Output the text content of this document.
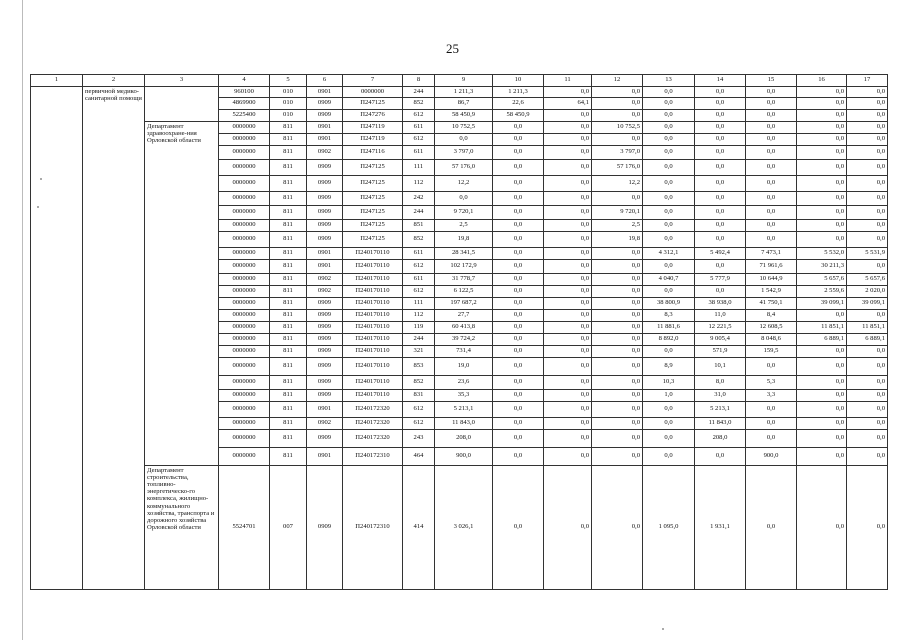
25
1	2	3	4	5	6	7	8	9	10	11	12	13	14	15	16	17
	первичной медико-санитарной помощи		960100	010	0901	0000000	244	1 211,3	1 211,3	0,0	0,0	0,0	0,0	0,0	0,0	0,0
			4869900	010	0909	П247125	852	86,7	22,6	64,1	0,0	0,0	0,0	0,0	0,0	0,0
			5225400	010	0909	П247276	612	58 450,9	58 450,9	0,0	0,0	0,0	0,0	0,0	0,0	0,0
		Департамент здравоохране-ния Орловской области	0000000	811	0901	П247119	611	10 752,5	0,0	0,0	10 752,5	0,0	0,0	0,0	0,0	0,0
			0000000	811	0901	П247119	612	0,0	0,0	0,0	0,0	0,0	0,0	0,0	0,0	0,0
			0000000	811	0902	П247116	611	3 797,0	0,0	0,0	3 797,0	0,0	0,0	0,0	0,0	0,0
			0000000	811	0909	П247125	111	57 176,0	0,0	0,0	57 176,0	0,0	0,0	0,0	0,0	0,0
			0000000	811	0909	П247125	112	12,2	0,0	0,0	12,2	0,0	0,0	0,0	0,0	0,0
			0000000	811	0909	П247125	242	0,0	0,0	0,0	0,0	0,0	0,0	0,0	0,0	0,0
			0000000	811	0909	П247125	244	9 720,1	0,0	0,0	9 720,1	0,0	0,0	0,0	0,0	0,0
			0000000	811	0909	П247125	851	2,5	0,0	0,0	2,5	0,0	0,0	0,0	0,0	0,0
			0000000	811	0909	П247125	852	19,8	0,0	0,0	19,8	0,0	0,0	0,0	0,0	0,0
			0000000	811	0901	П240170110	611	28 341,5	0,0	0,0	0,0	4 312,1	5 492,4	7 473,1	5 532,0	5 531,9
			0000000	811	0901	П240170110	612	102 172,9	0,0	0,0	0,0	0,0	0,0	71 961,6	30 211,3	0,0
			0000000	811	0902	П240170110	611	31 778,7	0,0	0,0	0,0	4 040,7	5 777,9	10 644,9	5 657,6	5 657,6
			0000000	811	0902	П240170110	612	6 122,5	0,0	0,0	0,0	0,0	0,0	1 542,9	2 559,6	2 020,0
			0000000	811	0909	П240170110	111	197 687,2	0,0	0,0	0,0	38 800,9	38 938,0	41 750,1	39 099,1	39 099,1
			0000000	811	0909	П240170110	112	27,7	0,0	0,0	0,0	8,3	11,0	8,4	0,0	0,0
			0000000	811	0909	П240170110	119	60 413,8	0,0	0,0	0,0	11 881,6	12 221,5	12 608,5	11 851,1	11 851,1
			0000000	811	0909	П240170110	244	39 724,2	0,0	0,0	0,0	8 892,0	9 005,4	8 048,6	6 889,1	6 889,1
			0000000	811	0909	П240170110	321	731,4	0,0	0,0	0,0	0,0	571,9	159,5	0,0	0,0
			0000000	811	0909	П240170110	853	19,0	0,0	0,0	0,0	8,9	10,1	0,0	0,0	0,0
			0000000	811	0909	П240170110	852	23,6	0,0	0,0	0,0	10,3	8,0	5,3	0,0	0,0
			0000000	811	0909	П240170110	831	35,3	0,0	0,0	0,0	1,0	31,0	3,3	0,0	0,0
			0000000	811	0901	П240172320	612	5 213,1	0,0	0,0	0,0	0,0	5 213,1	0,0	0,0	0,0
			0000000	811	0902	П240172320	612	11 843,0	0,0	0,0	0,0	0,0	11 843,0	0,0	0,0	0,0
			0000000	811	0909	П240172320	243	208,0	0,0	0,0	0,0	0,0	208,0	0,0	0,0	0,0
			0000000	811	0901	П240172310	464	900,0	0,0	0,0	0,0	0,0	0,0	900,0	0,0	0,0
		Департамент строительства, топливно-энергетическо-го комплекса, жилищно-коммунального хозяйства, транспорта и дорожного хозяйства Орловской области	5524701	007	0909	П240172310	414	3 026,1	0,0	0,0	0,0	1 095,0	1 931,1	0,0	0,0	0,0
